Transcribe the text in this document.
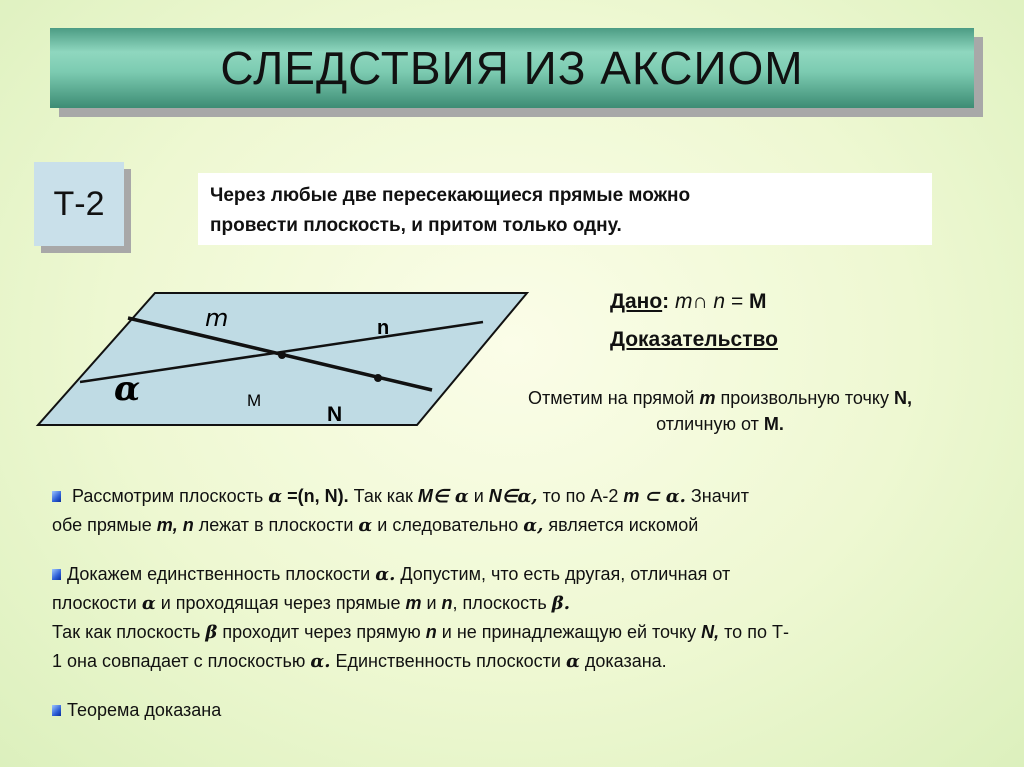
СЛЕДСТВИЯ ИЗ АКСИОМ
Т-2	Через любые две пересекающиеся прямые можно
провести плоскость, и притом только одну.
m	n
α	M
N
Дано: m∩ n = M
Доказательство
Отметим на прямой m произвольную точку N,
отличную от M.
Рассмотрим плоскость α =(n, N). Так как M∈ α и N∈α, то по А-2 m ⊂ α. Значит
обе прямые m, n лежат в плоскости α и следовательно α, является искомой
Докажем единственность плоскости α. Допустим, что есть другая, отличная от
плоскости α и проходящая через прямые m и n, плоскость β.
Так как плоскость β проходит через прямую n и не принадлежащую ей точку N, то по Т-
1 она совпадает с плоскостью α. Единственность плоскости α доказана.
Теорема доказана
